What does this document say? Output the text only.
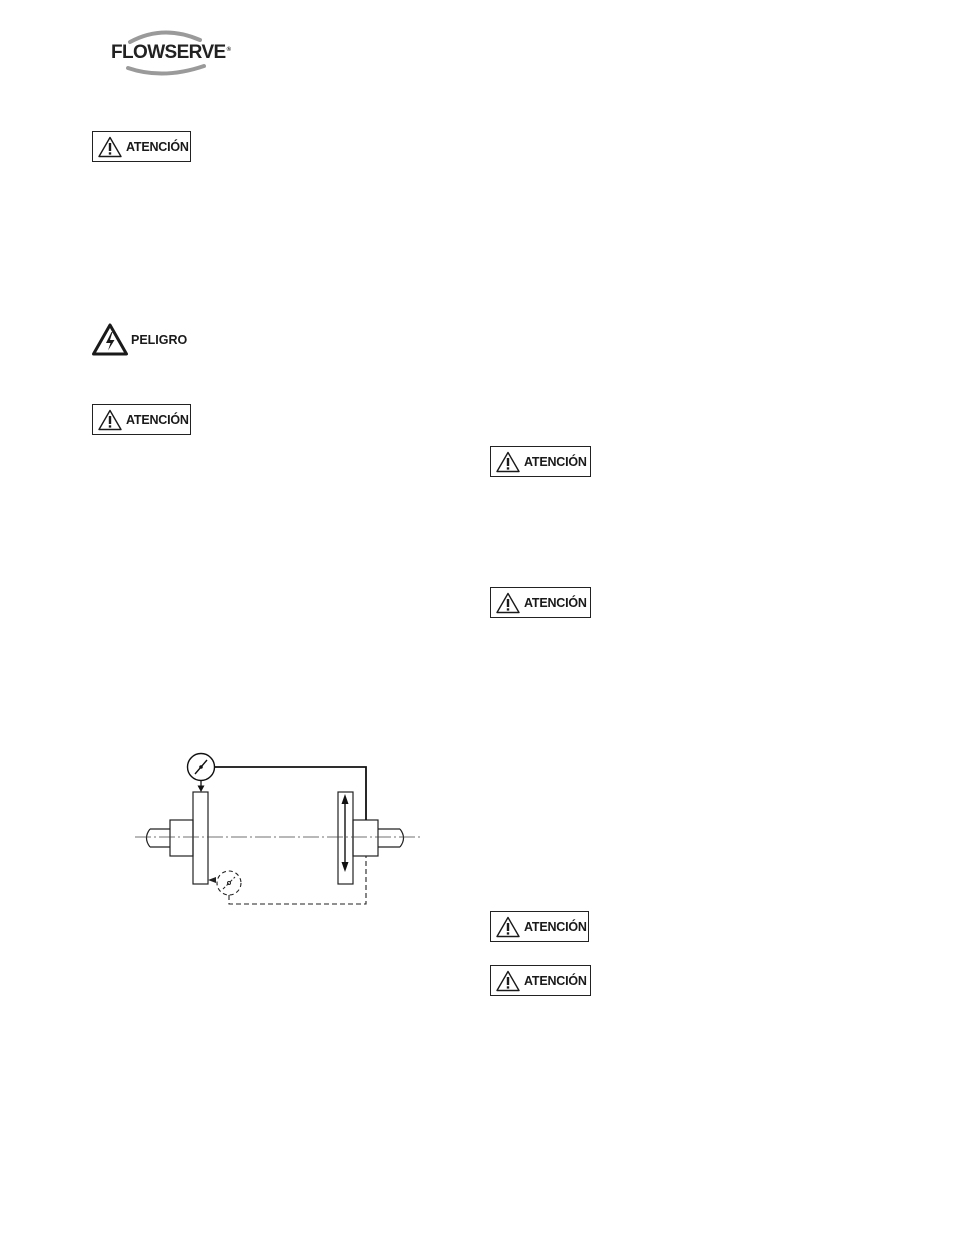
FLOWSERVE®
ATENCIÓN
PELIGRO
ATENCIÓN
ATENCIÓN
ATENCIÓN
ATENCIÓN
ATENCIÓN
